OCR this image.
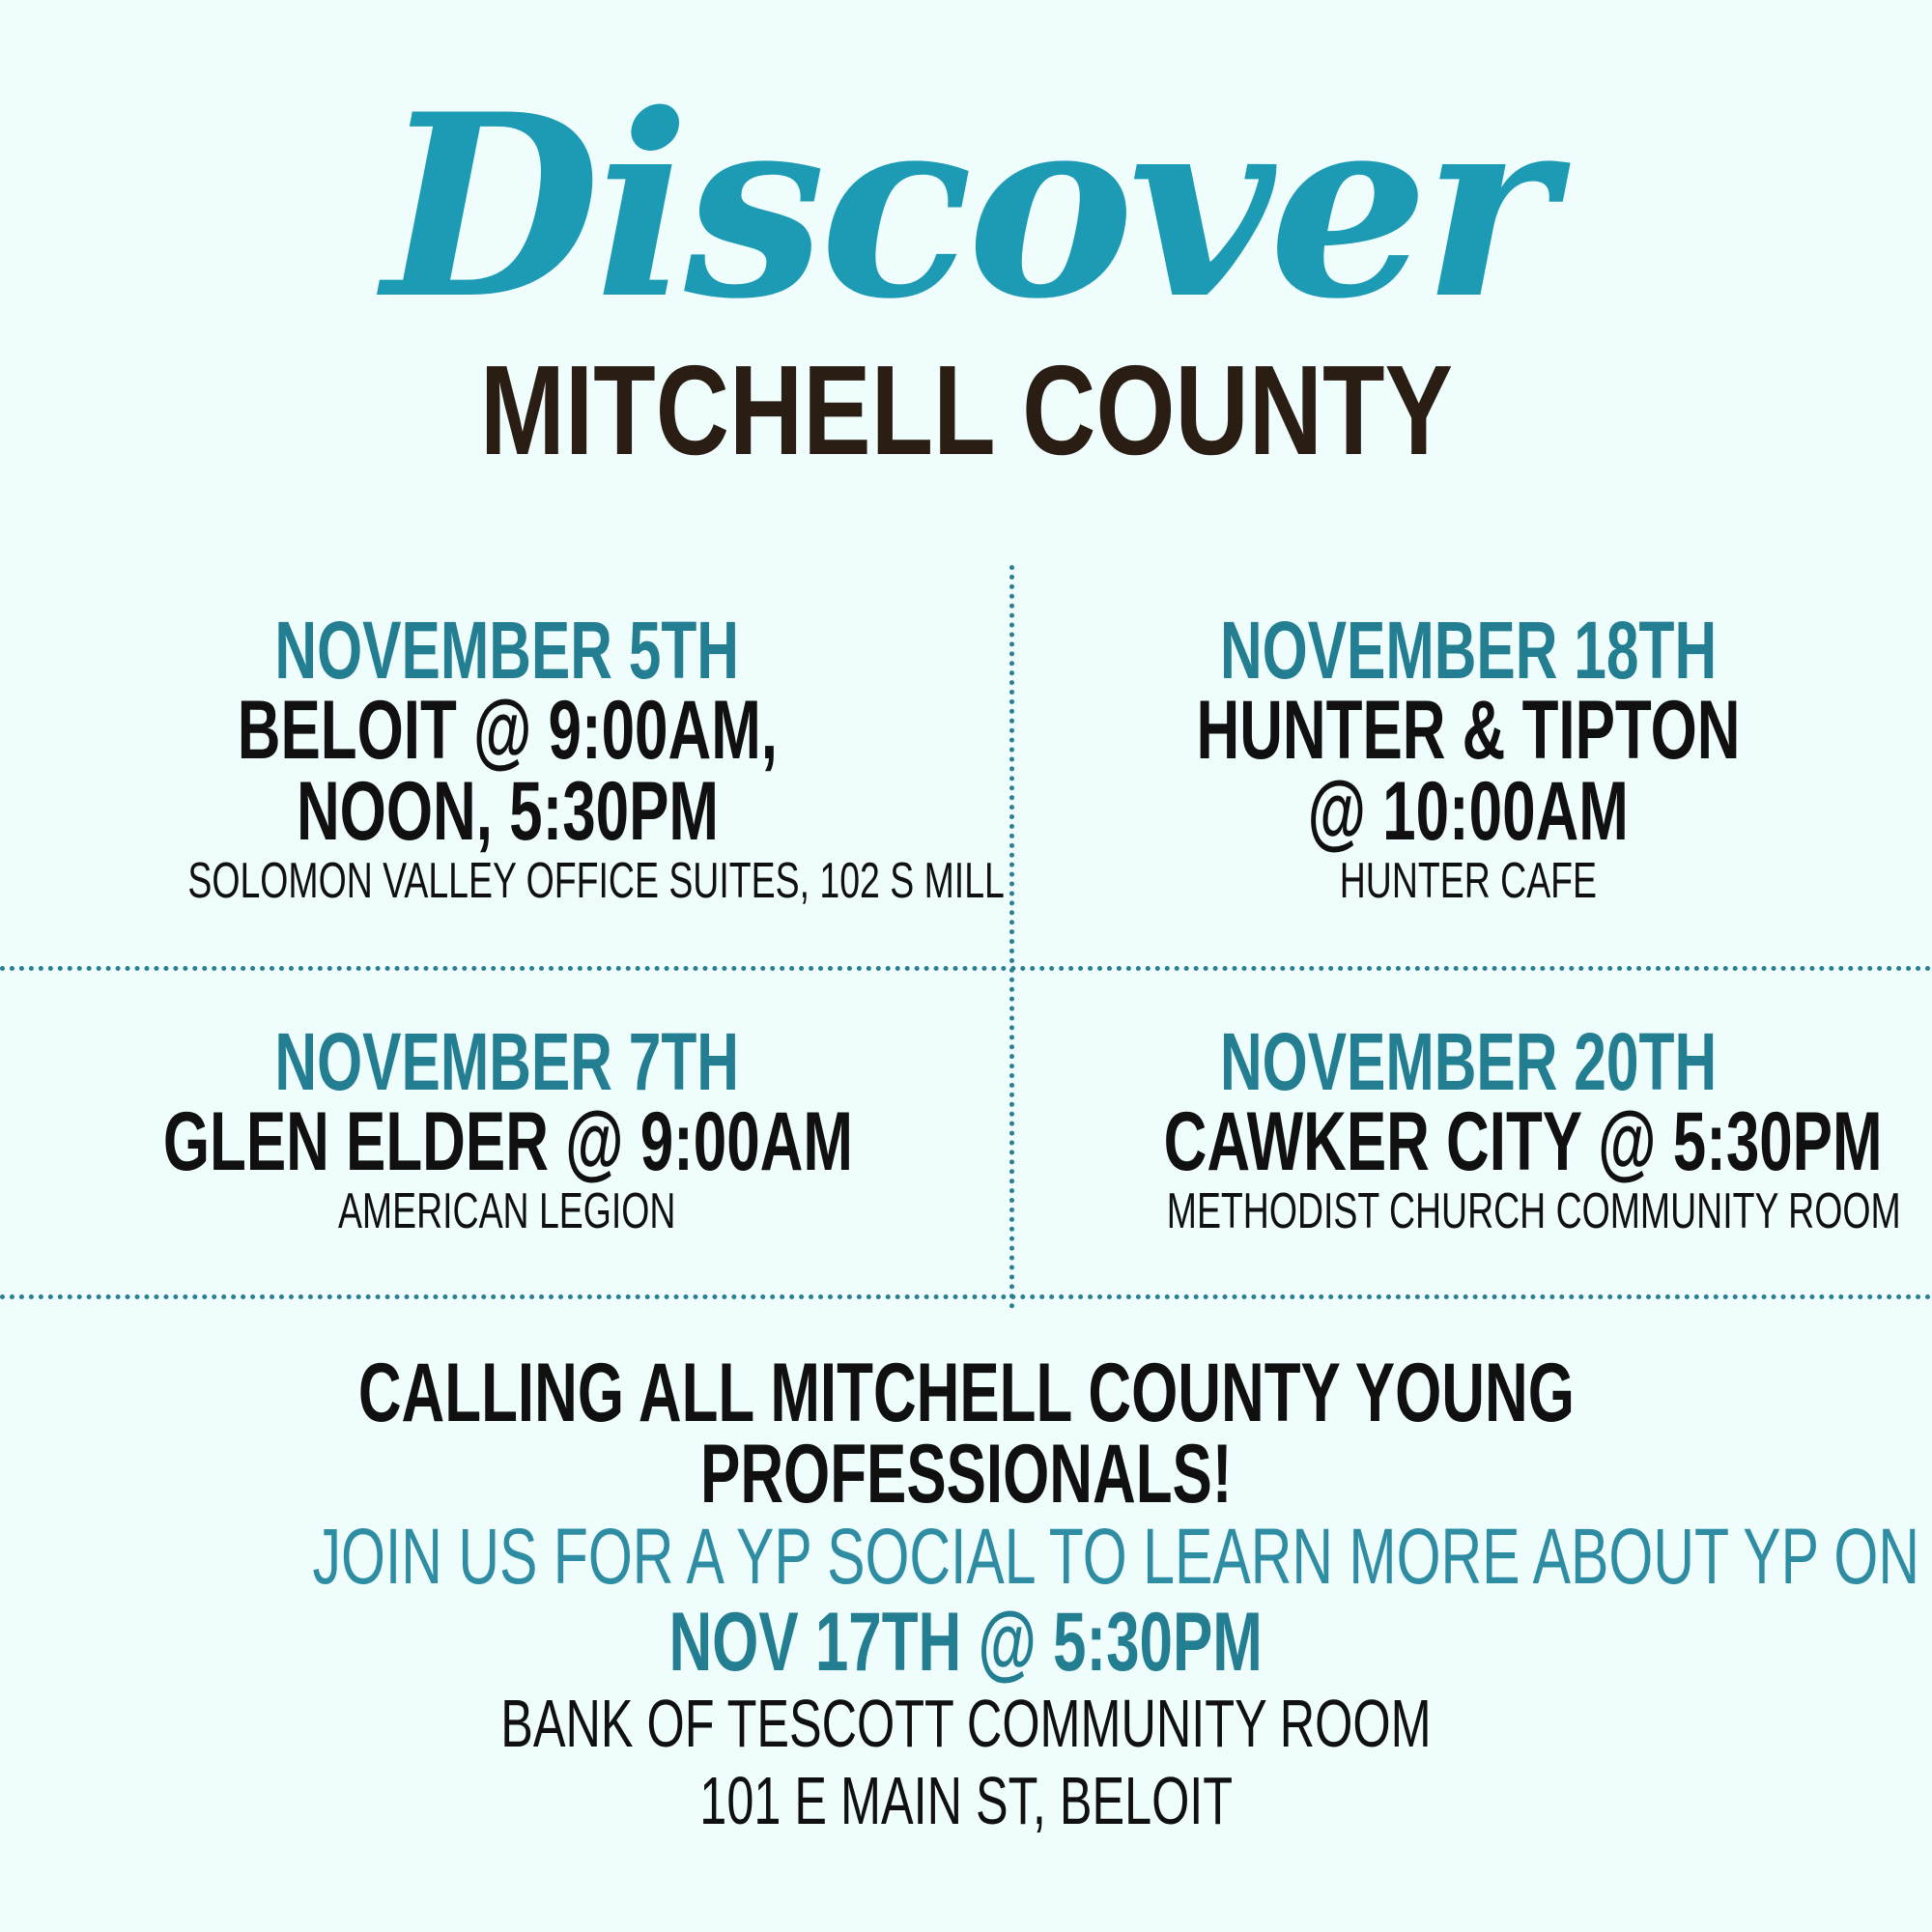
Discover
MITCHELL COUNTY
NOVEMBER 5TH
BELOIT @ 9:00AM,
NOON, 5:30PM
SOLOMON VALLEY OFFICE SUITES, 102 S MILL
NOVEMBER 18TH
HUNTER & TIPTON
@ 10:00AM
HUNTER CAFE
NOVEMBER 7TH
GLEN ELDER @ 9:00AM
AMERICAN LEGION
NOVEMBER 20TH
CAWKER CITY @ 5:30PM
METHODIST CHURCH COMMUNITY ROOM
CALLING ALL MITCHELL COUNTY YOUNG
PROFESSIONALS!
JOIN US FOR A YP SOCIAL TO LEARN MORE ABOUT YP ON
NOV 17TH @ 5:30PM
BANK OF TESCOTT COMMUNITY ROOM
101 E MAIN ST, BELOIT
